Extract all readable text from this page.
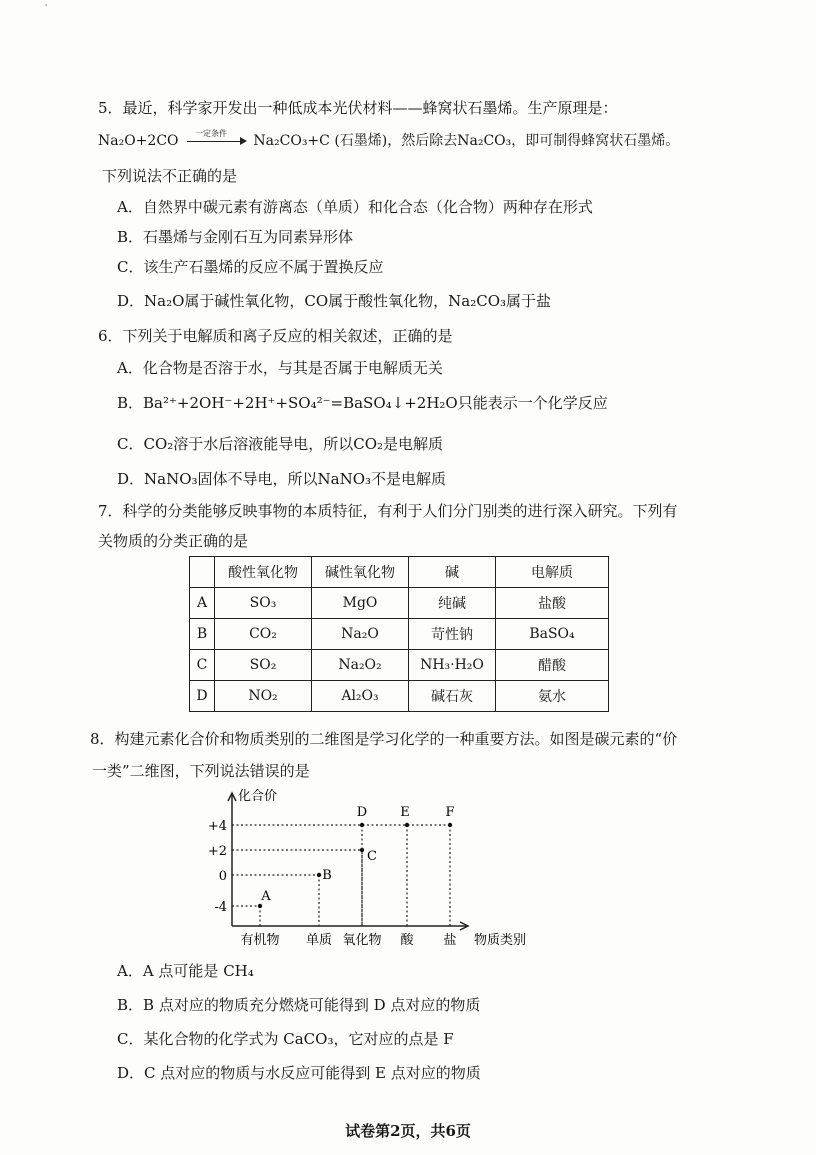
'
5．最近，科学家开发出一种低成本光伏材料——蜂窝状石墨烯。生产原理是：
Na₂O+2CO 一定条件 Na₂CO₃+C (石墨烯)，然后除去Na₂CO₃，即可制得蜂窝状石墨烯。
下列说法不正确的是
A．自然界中碳元素有游离态（单质）和化合态（化合物）两种存在形式
B．石墨烯与金刚石互为同素异形体
C．该生产石墨烯的反应不属于置换反应
D．Na₂O属于碱性氧化物，CO属于酸性氧化物，Na₂CO₃属于盐
6．下列关于电解质和离子反应的相关叙述，正确的是
A．化合物是否溶于水，与其是否属于电解质无关
B．Ba²⁺+2OH⁻+2H⁺+SO₄²⁻=BaSO₄↓+2H₂O只能表示一个化学反应
C．CO₂溶于水后溶液能导电，所以CO₂是电解质
D．NaNO₃固体不导电，所以NaNO₃不是电解质
7．科学的分类能够反映事物的本质特征，有利于人们分门别类的进行深入研究。下列有
关物质的分类正确的是
	酸性氧化物	碱性氧化物	碱	电解质
A	SO₃	MgO	纯碱	盐酸
B	CO₂	Na₂O	苛性钠	BaSO₄
C	SO₂	Na₂O₂	NH₃·H₂O	醋酸
D	NO₂	Al₂O₃	碱石灰	氨水
8．构建元素化合价和物质类别的二维图是学习化学的一种重要方法。如图是碳元素的“价
一类”二维图，下列说法错误的是
化合价
物质类别
+4
+2
0
-4
有机物 单质 氧化物 酸 盐
A
B
C
D	E	F
A．A 点可能是 CH₄
B．B 点对应的物质充分燃烧可能得到 D 点对应的物质
C．某化合物的化学式为 CaCO₃，它对应的点是 F
D．C 点对应的物质与水反应可能得到 E 点对应的物质
试卷第2页，共6页
